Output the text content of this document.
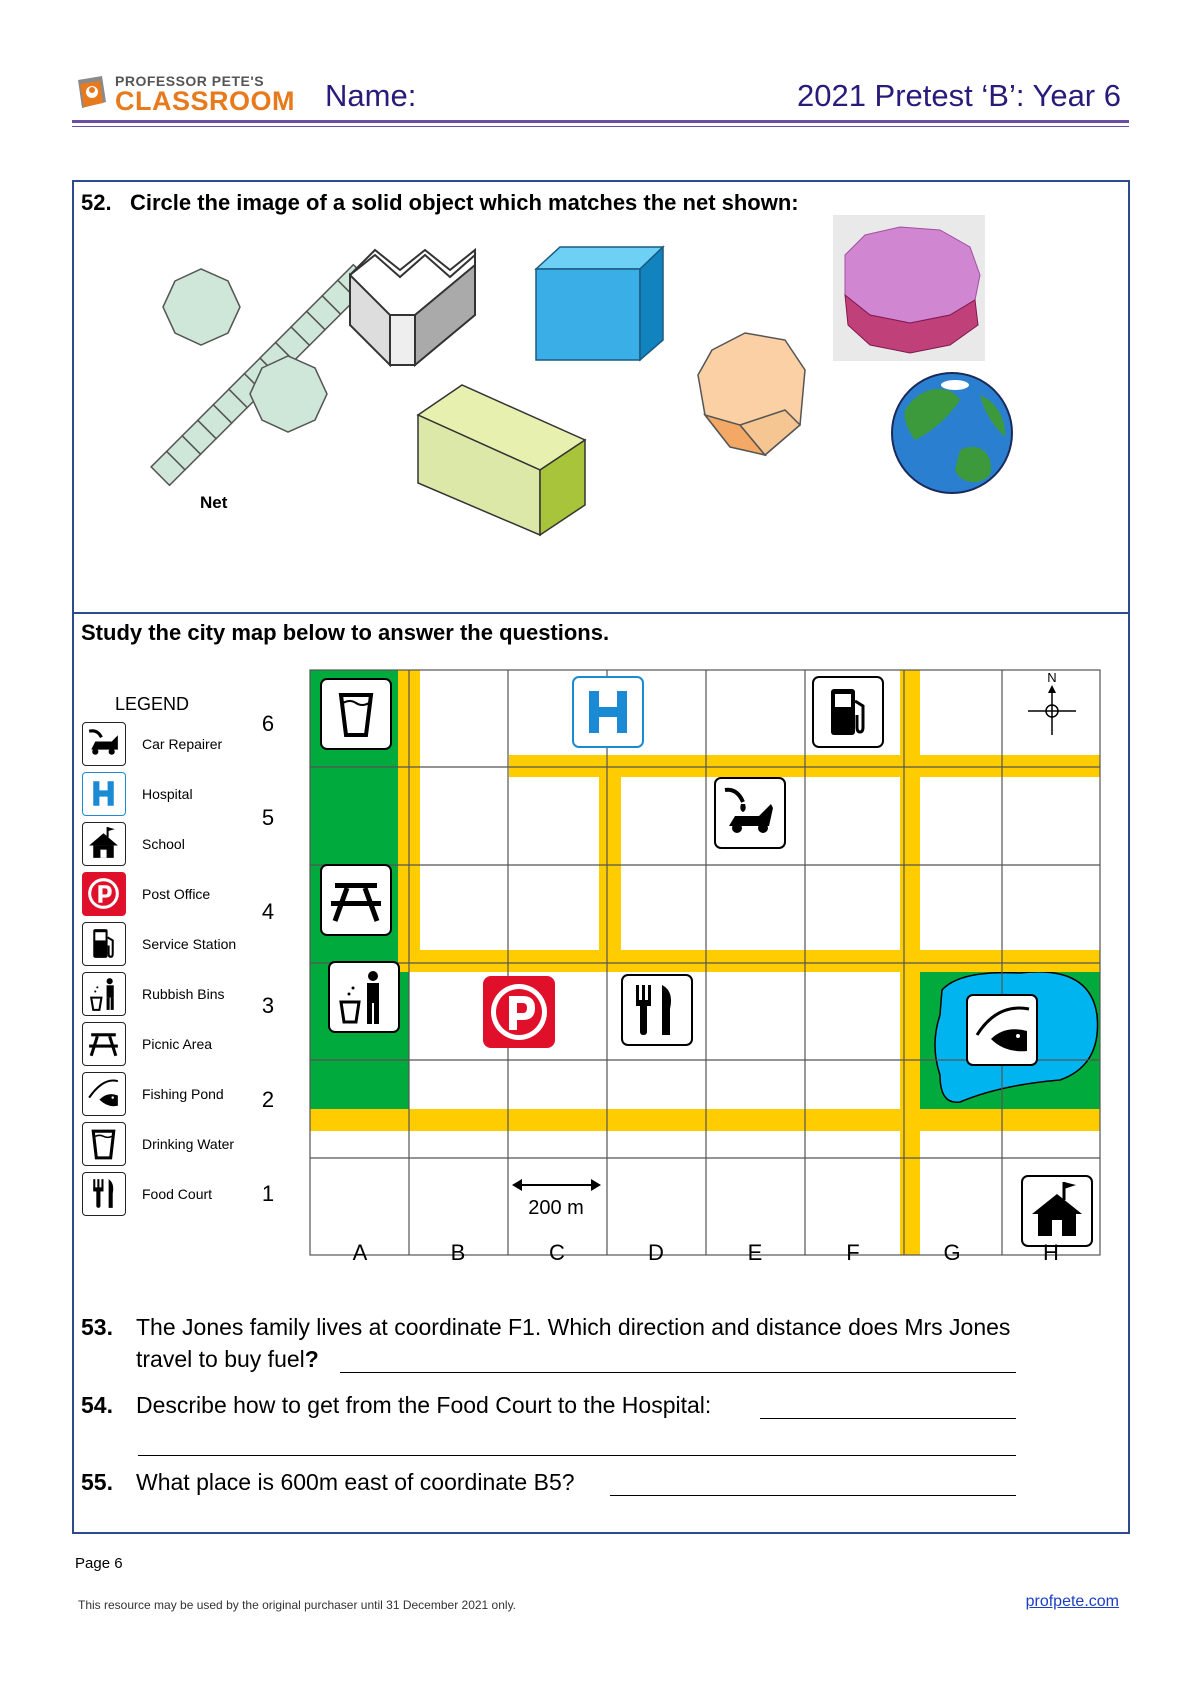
PROFESSOR PETE'S
CLASSROOM Name:	2021 Pretest ‘B’: Year 6
52. Circle the image of a solid object which matches the net shown:
Net
Study the city map below to answer the questions.
LEGEND
Car Repairer
Hospital
School
Post Office
Service Station
Rubbish Bins
Picnic Area
Fishing Pond
Drinking Water
Food Court
N
200 m
6
5
4
3
2
1
A	B	C	D	E	F	G	H
53. The Jones family lives at coordinate F1. Which direction and distance does Mrs Jones
travel to buy fuel?
54. Describe how to get from the Food Court to the Hospital:
55. What place is 600m east of coordinate B5?
Page 6
This resource may be used by the original purchaser until 31 December 2021 only.	profpete.com
